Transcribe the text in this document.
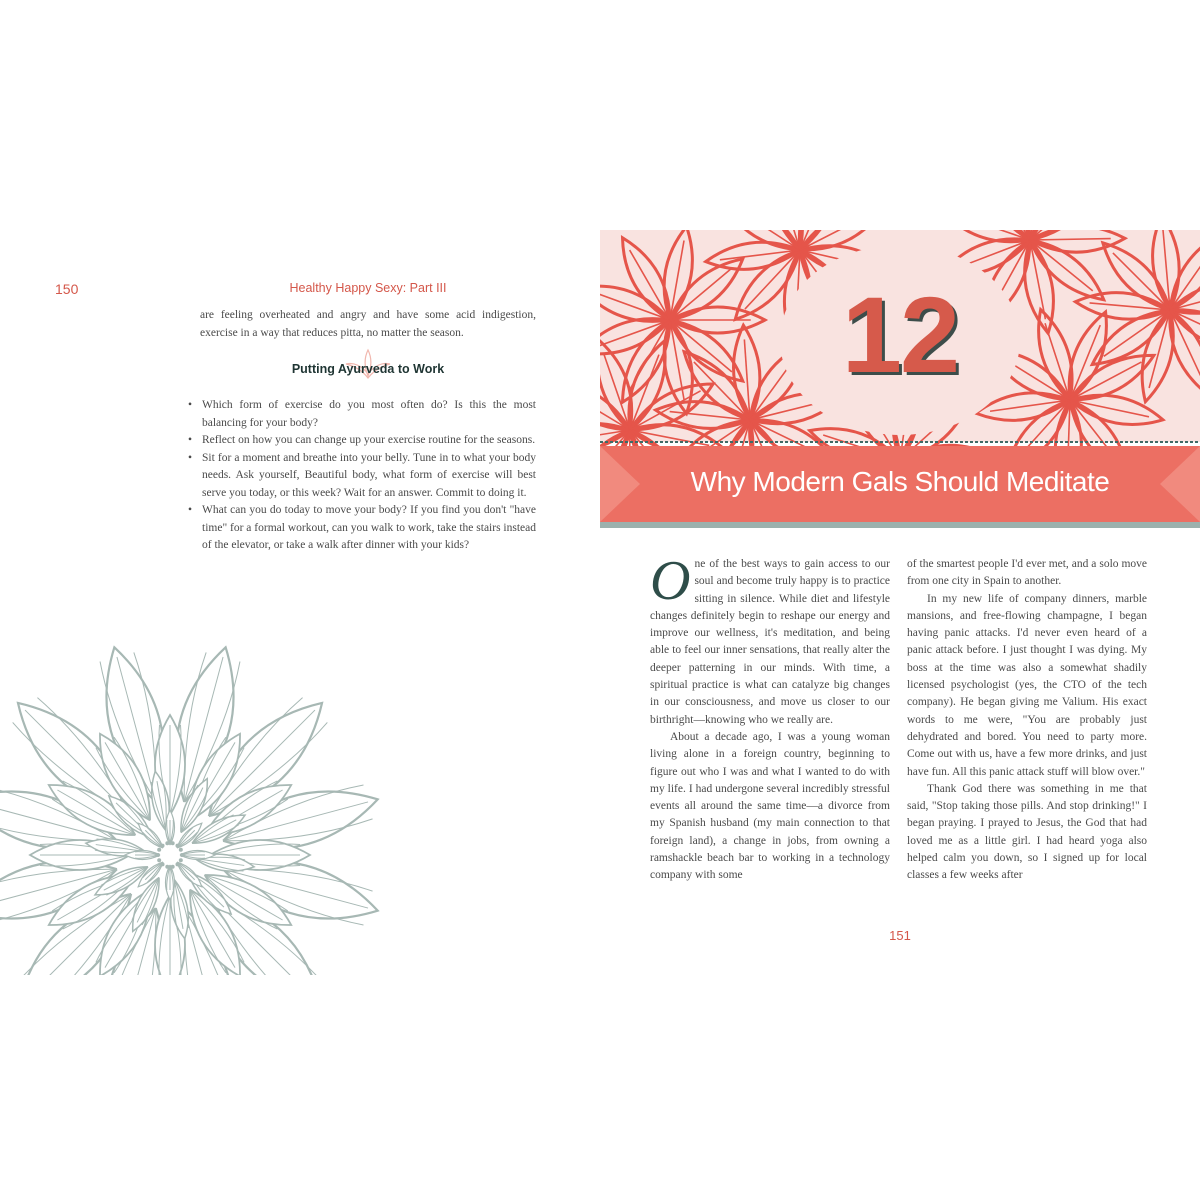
150	Healthy Happy Sexy: Part III

are feeling overheated and angry and have some acid indigestion, exercise in a way that reduces pitta, no matter the season.

Putting Ayurveda to Work
• Which form of exercise do you most often do? Is this the most balancing for your body?
• Reflect on how you can change up your exercise routine for the seasons.
• Sit for a moment and breathe into your belly. Tune in to what your body needs. Ask yourself, Beautiful body, what form of exercise will best serve you today, or this week? Wait for an answer. Commit to doing it.
• What can you do today to move your body? If you find you don't "have time" for a formal workout, can you walk to work, take the stairs instead of the elevator, or take a walk after dinner with your kids?
12
Why Modern Gals Should Meditate

One of the best ways to gain access to our soul and become truly happy is to practice sitting in silence. While diet and lifestyle changes definitely begin to reshape our energy and improve our wellness, it's meditation, and being able to feel our inner sensations, that really alter the deeper patterning in our minds. With time, a spiritual practice is what can catalyze big changes in our consciousness, and move us closer to our birthright—knowing who we really are.

About a decade ago, I was a young woman living alone in a foreign country, beginning to figure out who I was and what I wanted to do with my life. I had undergone several incredibly stressful events all around the same time—a divorce from my Spanish husband (my main connection to that foreign land), a change in jobs, from owning a ramshackle beach bar to working in a technology company with some

of the smartest people I'd ever met, and a solo move from one city in Spain to another.

In my new life of company dinners, marble mansions, and free-flowing champagne, I began having panic attacks. I'd never even heard of a panic attack before. I just thought I was dying. My boss at the time was also a somewhat shadily licensed psychologist (yes, the CTO of the tech company). He began giving me Valium. His exact words to me were, "You are probably just dehydrated and bored. You need to party more. Come out with us, have a few more drinks, and just have fun. All this panic attack stuff will blow over."

Thank God there was something in me that said, "Stop taking those pills. And stop drinking!" I began praying. I prayed to Jesus, the God that had loved me as a little girl. I had heard yoga also helped calm you down, so I signed up for local classes a few weeks after

151
